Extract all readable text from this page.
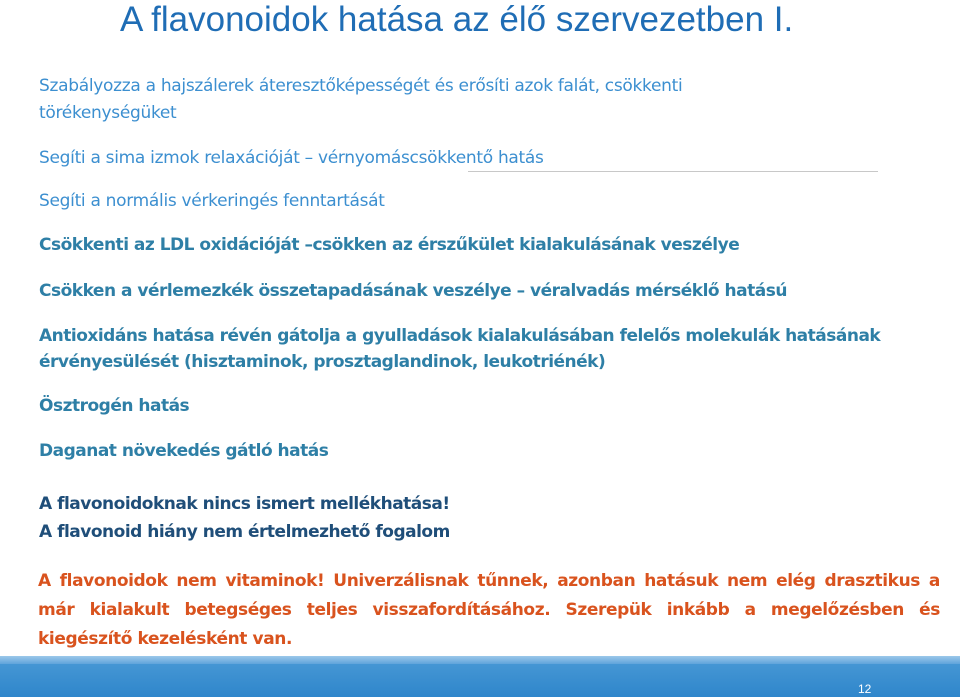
A flavonoidok hatása az élő szervezetben I.

Szabályozza a hajszálerek áteresztőképességét és erősíti azok falát, csökkenti

törékenységüket

Segíti a sima izmok relaxációját – vérnyomáscsökkentő hatás

Segíti a normális vérkeringés fenntartását

Csökkenti az LDL oxidációját –csökken az érszűkület kialakulásának veszélye

Csökken a vérlemezkék összetapadásának veszélye – véralvadás mérséklő hatású

Antioxidáns hatása révén gátolja a gyulladások kialakulásában felelős molekulák hatásának

érvényesülését (hisztaminok, prosztaglandinok, leukotriénék)

Ösztrogén hatás

Daganat növekedés gátló hatás

A flavonoidoknak nincs ismert mellékhatása!

A flavonoid hiány nem értelmezhető fogalom

A flavonoidok nem vitaminok! Univerzálisnak tűnnek, azonban hatásuk nem elég drasztikus a már kialakult betegséges teljes visszafordításához. Szerepük inkább a megelőzésben és kiegészítő kezelésként van.

12
